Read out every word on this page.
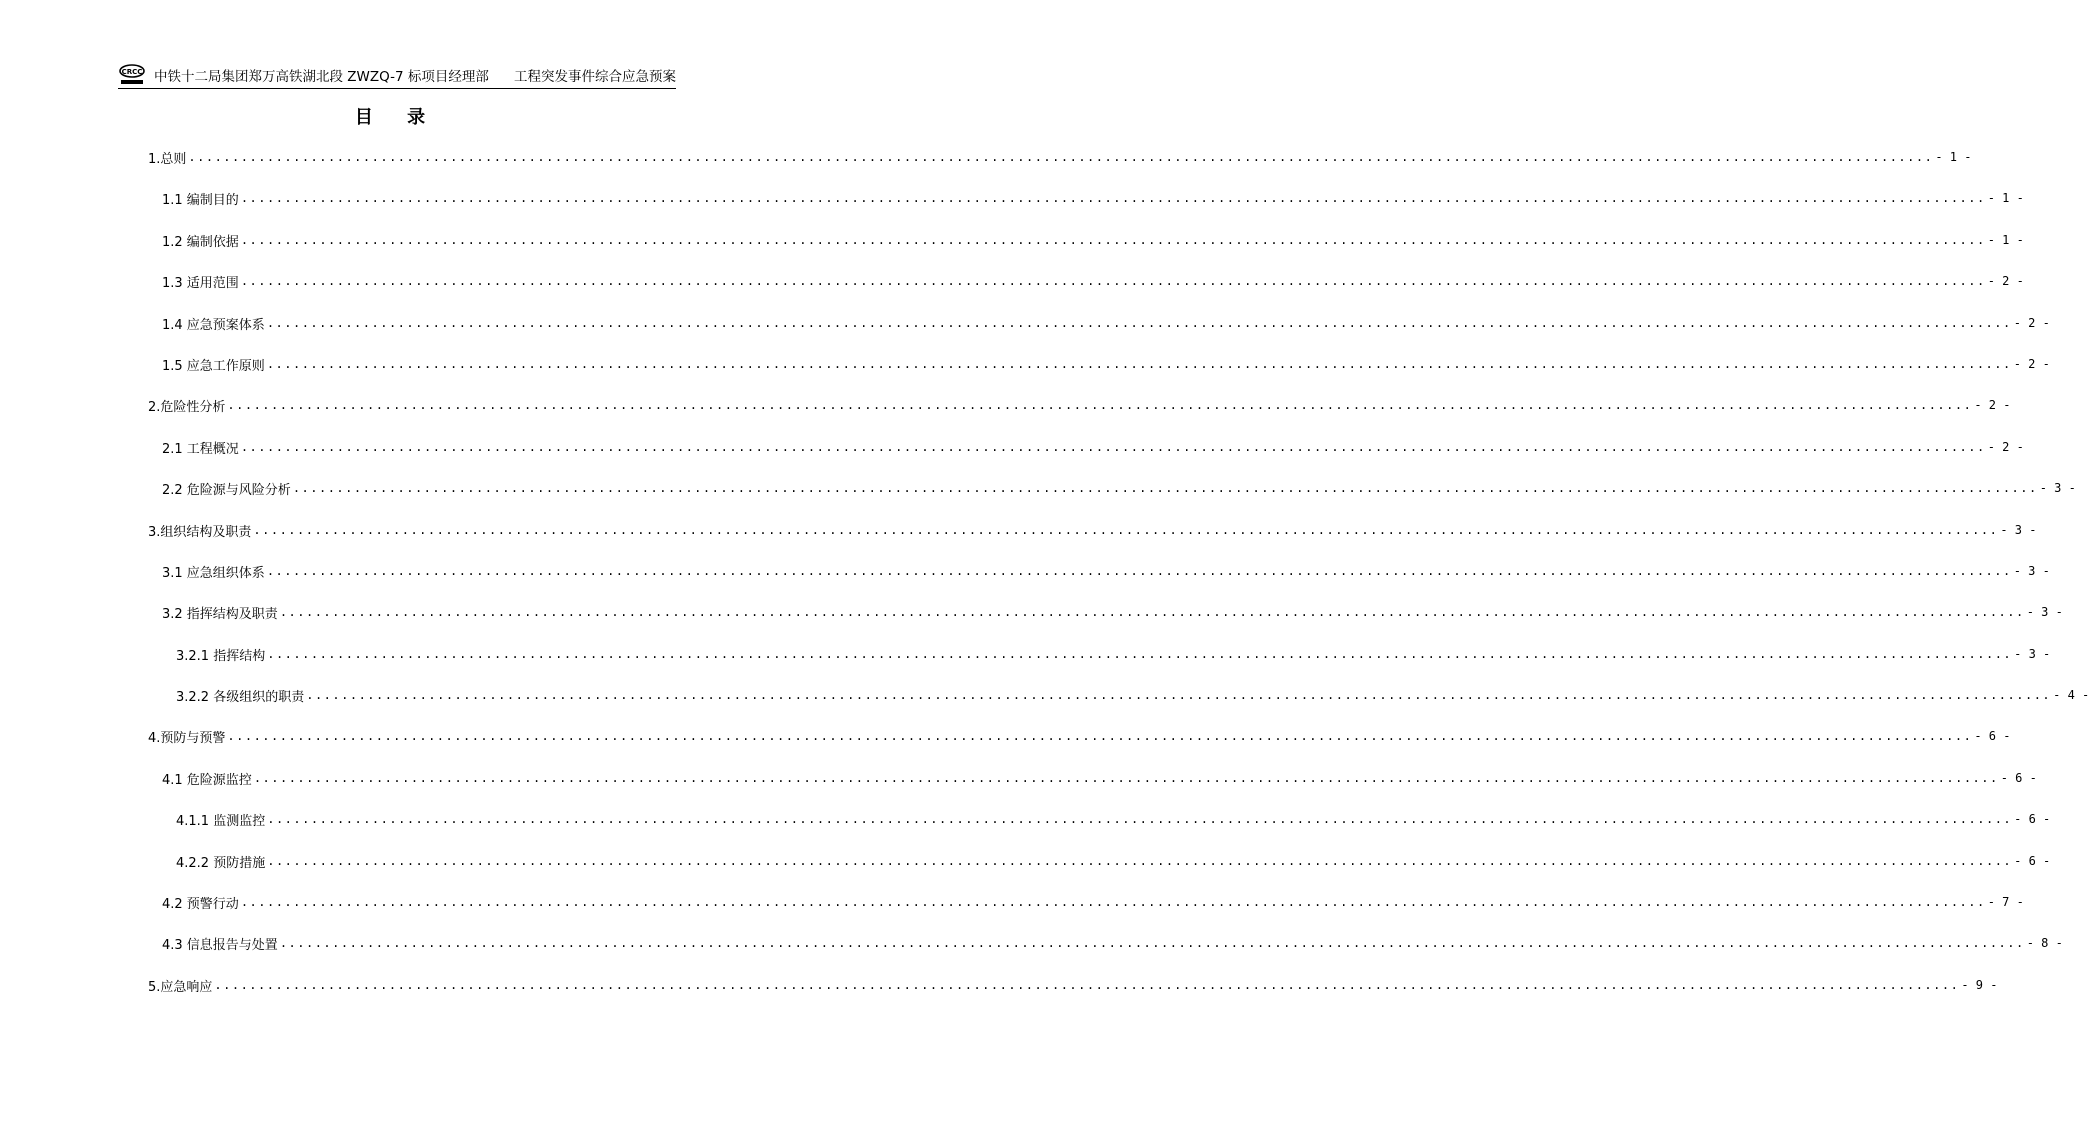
CRCC 中铁十二局集团郑万高铁湖北段 ZWZQ-7 标项目经理部 工程突发事件综合应急预案
目 录
1.总则 ........................................................................................................................................................................................................ - 1 -
1.1 编制目的 ........................................................................................................................................................................................................ - 1 -
1.2 编制依据 ........................................................................................................................................................................................................ - 1 -
1.3 适用范围 ........................................................................................................................................................................................................ - 2 -
1.4 应急预案体系 ........................................................................................................................................................................................................ - 2 -
1.5 应急工作原则 ........................................................................................................................................................................................................ - 2 -
2.危险性分析 ........................................................................................................................................................................................................ - 2 -
2.1 工程概况 ........................................................................................................................................................................................................ - 2 -
2.2 危险源与风险分析 ........................................................................................................................................................................................................ - 3 -
3.组织结构及职责 ........................................................................................................................................................................................................ - 3 -
3.1 应急组织体系 ........................................................................................................................................................................................................ - 3 -
3.2 指挥结构及职责 ........................................................................................................................................................................................................ - 3 -
3.2.1 指挥结构 ........................................................................................................................................................................................................ - 3 -
3.2.2 各级组织的职责 ........................................................................................................................................................................................................ - 4 -
4.预防与预警 ........................................................................................................................................................................................................ - 6 -
4.1 危险源监控 ........................................................................................................................................................................................................ - 6 -
4.1.1 监测监控 ........................................................................................................................................................................................................ - 6 -
4.2.2 预防措施 ........................................................................................................................................................................................................ - 6 -
4.2 预警行动 ........................................................................................................................................................................................................ - 7 -
4.3 信息报告与处置 ........................................................................................................................................................................................................ - 8 -
5.应急响应 ........................................................................................................................................................................................................ - 9 -
